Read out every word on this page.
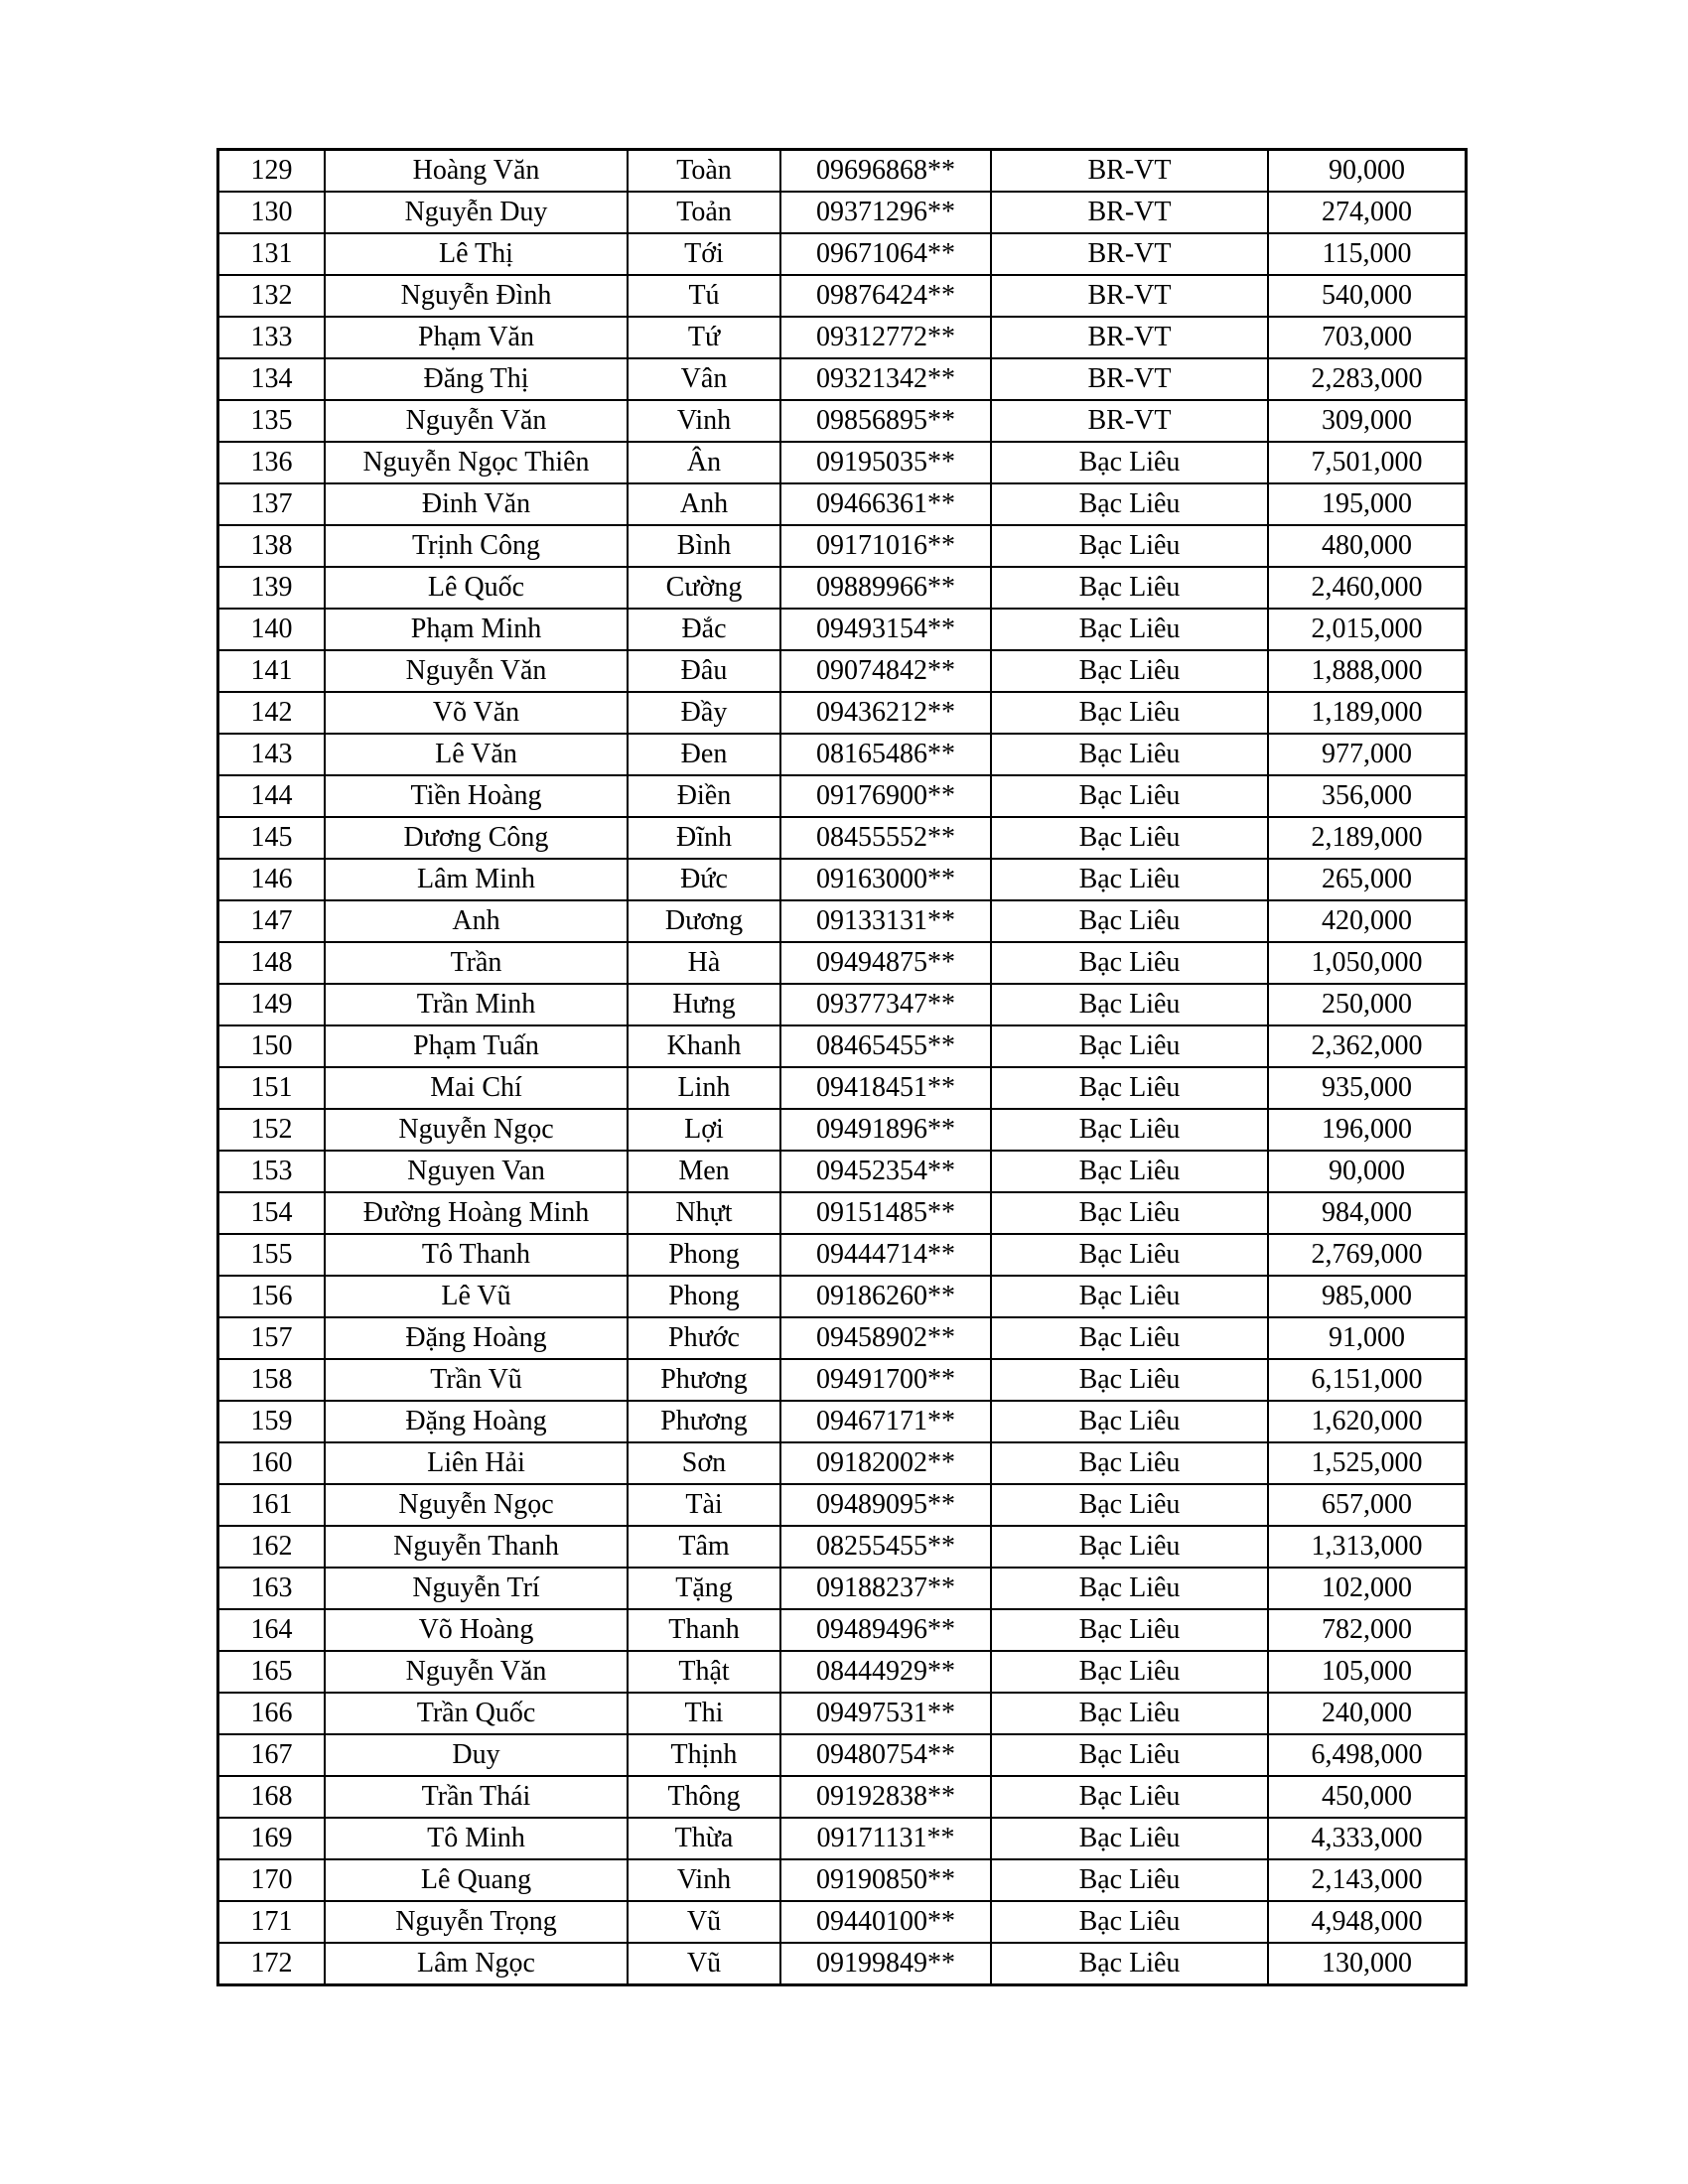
129	Hoàng Văn	Toàn	09696868**	BR-VT	90,000
130	Nguyễn Duy	Toản	09371296**	BR-VT	274,000
131	Lê Thị	Tới	09671064**	BR-VT	115,000
132	Nguyễn Đình	Tú	09876424**	BR-VT	540,000
133	Phạm Văn	Tứ	09312772**	BR-VT	703,000
134	Đăng Thị	Vân	09321342**	BR-VT	2,283,000
135	Nguyễn Văn	Vinh	09856895**	BR-VT	309,000
136	Nguyễn Ngọc Thiên	Ân	09195035**	Bạc Liêu	7,501,000
137	Đinh Văn	Anh	09466361**	Bạc Liêu	195,000
138	Trịnh Công	Bình	09171016**	Bạc Liêu	480,000
139	Lê Quốc	Cường	09889966**	Bạc Liêu	2,460,000
140	Phạm Minh	Đắc	09493154**	Bạc Liêu	2,015,000
141	Nguyễn Văn	Đâu	09074842**	Bạc Liêu	1,888,000
142	Võ Văn	Đầy	09436212**	Bạc Liêu	1,189,000
143	Lê Văn	Đen	08165486**	Bạc Liêu	977,000
144	Tiền Hoàng	Điền	09176900**	Bạc Liêu	356,000
145	Dương Công	Đĩnh	08455552**	Bạc Liêu	2,189,000
146	Lâm Minh	Đức	09163000**	Bạc Liêu	265,000
147	Anh	Dương	09133131**	Bạc Liêu	420,000
148	Trần	Hà	09494875**	Bạc Liêu	1,050,000
149	Trần Minh	Hưng	09377347**	Bạc Liêu	250,000
150	Phạm Tuấn	Khanh	08465455**	Bạc Liêu	2,362,000
151	Mai Chí	Linh	09418451**	Bạc Liêu	935,000
152	Nguyễn Ngọc	Lợi	09491896**	Bạc Liêu	196,000
153	Nguyen Van	Men	09452354**	Bạc Liêu	90,000
154	Đường Hoàng Minh	Nhựt	09151485**	Bạc Liêu	984,000
155	Tô Thanh	Phong	09444714**	Bạc Liêu	2,769,000
156	Lê Vũ	Phong	09186260**	Bạc Liêu	985,000
157	Đặng Hoàng	Phước	09458902**	Bạc Liêu	91,000
158	Trần Vũ	Phương	09491700**	Bạc Liêu	6,151,000
159	Đặng Hoàng	Phương	09467171**	Bạc Liêu	1,620,000
160	Liên Hải	Sơn	09182002**	Bạc Liêu	1,525,000
161	Nguyễn Ngọc	Tài	09489095**	Bạc Liêu	657,000
162	Nguyễn Thanh	Tâm	08255455**	Bạc Liêu	1,313,000
163	Nguyễn Trí	Tặng	09188237**	Bạc Liêu	102,000
164	Võ Hoàng	Thanh	09489496**	Bạc Liêu	782,000
165	Nguyễn Văn	Thật	08444929**	Bạc Liêu	105,000
166	Trần Quốc	Thi	09497531**	Bạc Liêu	240,000
167	Duy	Thịnh	09480754**	Bạc Liêu	6,498,000
168	Trần Thái	Thông	09192838**	Bạc Liêu	450,000
169	Tô Minh	Thừa	09171131**	Bạc Liêu	4,333,000
170	Lê Quang	Vinh	09190850**	Bạc Liêu	2,143,000
171	Nguyễn Trọng	Vũ	09440100**	Bạc Liêu	4,948,000
172	Lâm Ngọc	Vũ	09199849**	Bạc Liêu	130,000
